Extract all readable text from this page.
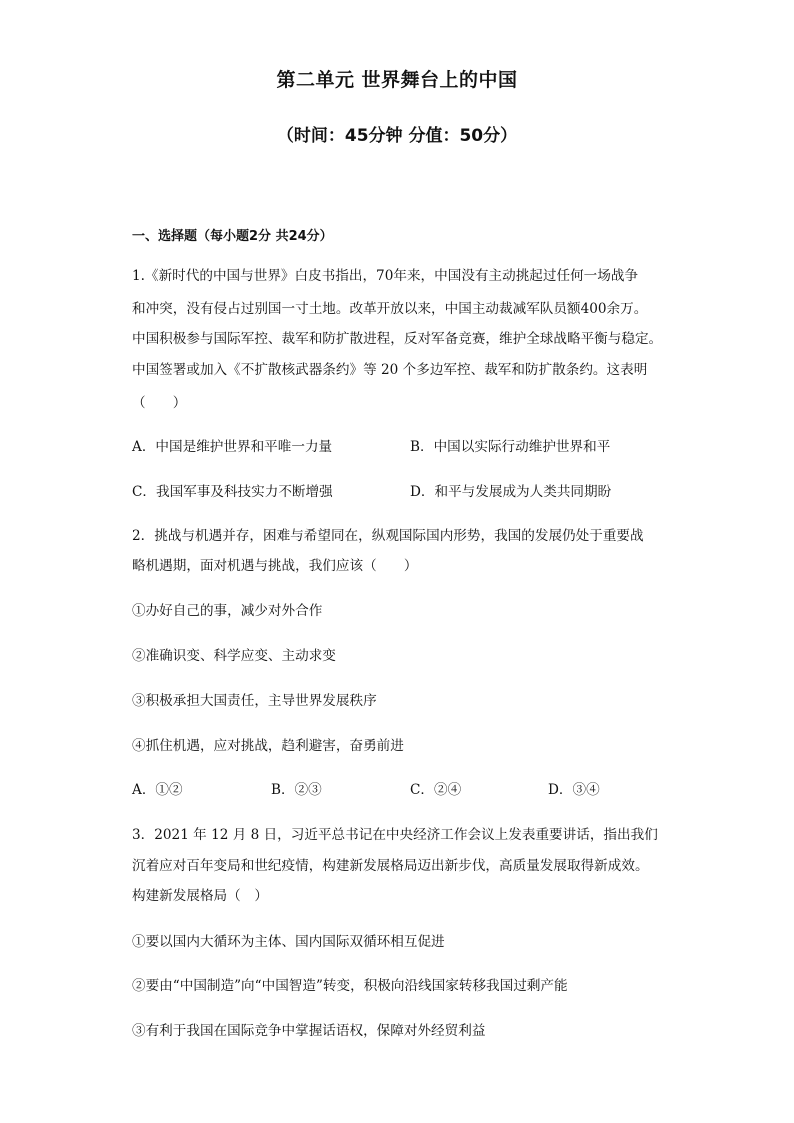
第二单元 世界舞台上的中国
（时间：45分钟 分值：50分）
一、选择题（每小题2分 共24分）
1.《新时代的中国与世界》白皮书指出，70年来，中国没有主动挑起过任何一场战争
和冲突，没有侵占过别国一寸土地。改革开放以来，中国主动裁减军队员额400余万。
中国积极参与国际军控、裁军和防扩散进程，反对军备竞赛，维护全球战略平衡与稳定。
中国签署或加入《不扩散核武器条约》等 20 个多边军控、裁军和防扩散条约。这表明
（　　）
A．中国是维护世界和平唯一力量	B．中国以实际行动维护世界和平
C．我国军事及科技实力不断增强	D．和平与发展成为人类共同期盼
2．挑战与机遇并存，困难与希望同在，纵观国际国内形势，我国的发展仍处于重要战
略机遇期，面对机遇与挑战，我们应该（　　）
①办好自己的事，减少对外合作
②准确识变、科学应变、主动求变
③积极承担大国责任，主导世界发展秩序
④抓住机遇，应对挑战，趋利避害，奋勇前进
A．①②	B．②③	C．②④	D．③④
3．2021 年 12 月 8 日，习近平总书记在中央经济工作会议上发表重要讲话，指出我们
沉着应对百年变局和世纪疫情，构建新发展格局迈出新步伐，高质量发展取得新成效。
构建新发展格局（　）
①要以国内大循环为主体、国内国际双循环相互促进
②要由“中国制造”向“中国智造”转变，积极向沿线国家转移我国过剩产能
③有利于我国在国际竞争中掌握话语权，保障对外经贸利益
